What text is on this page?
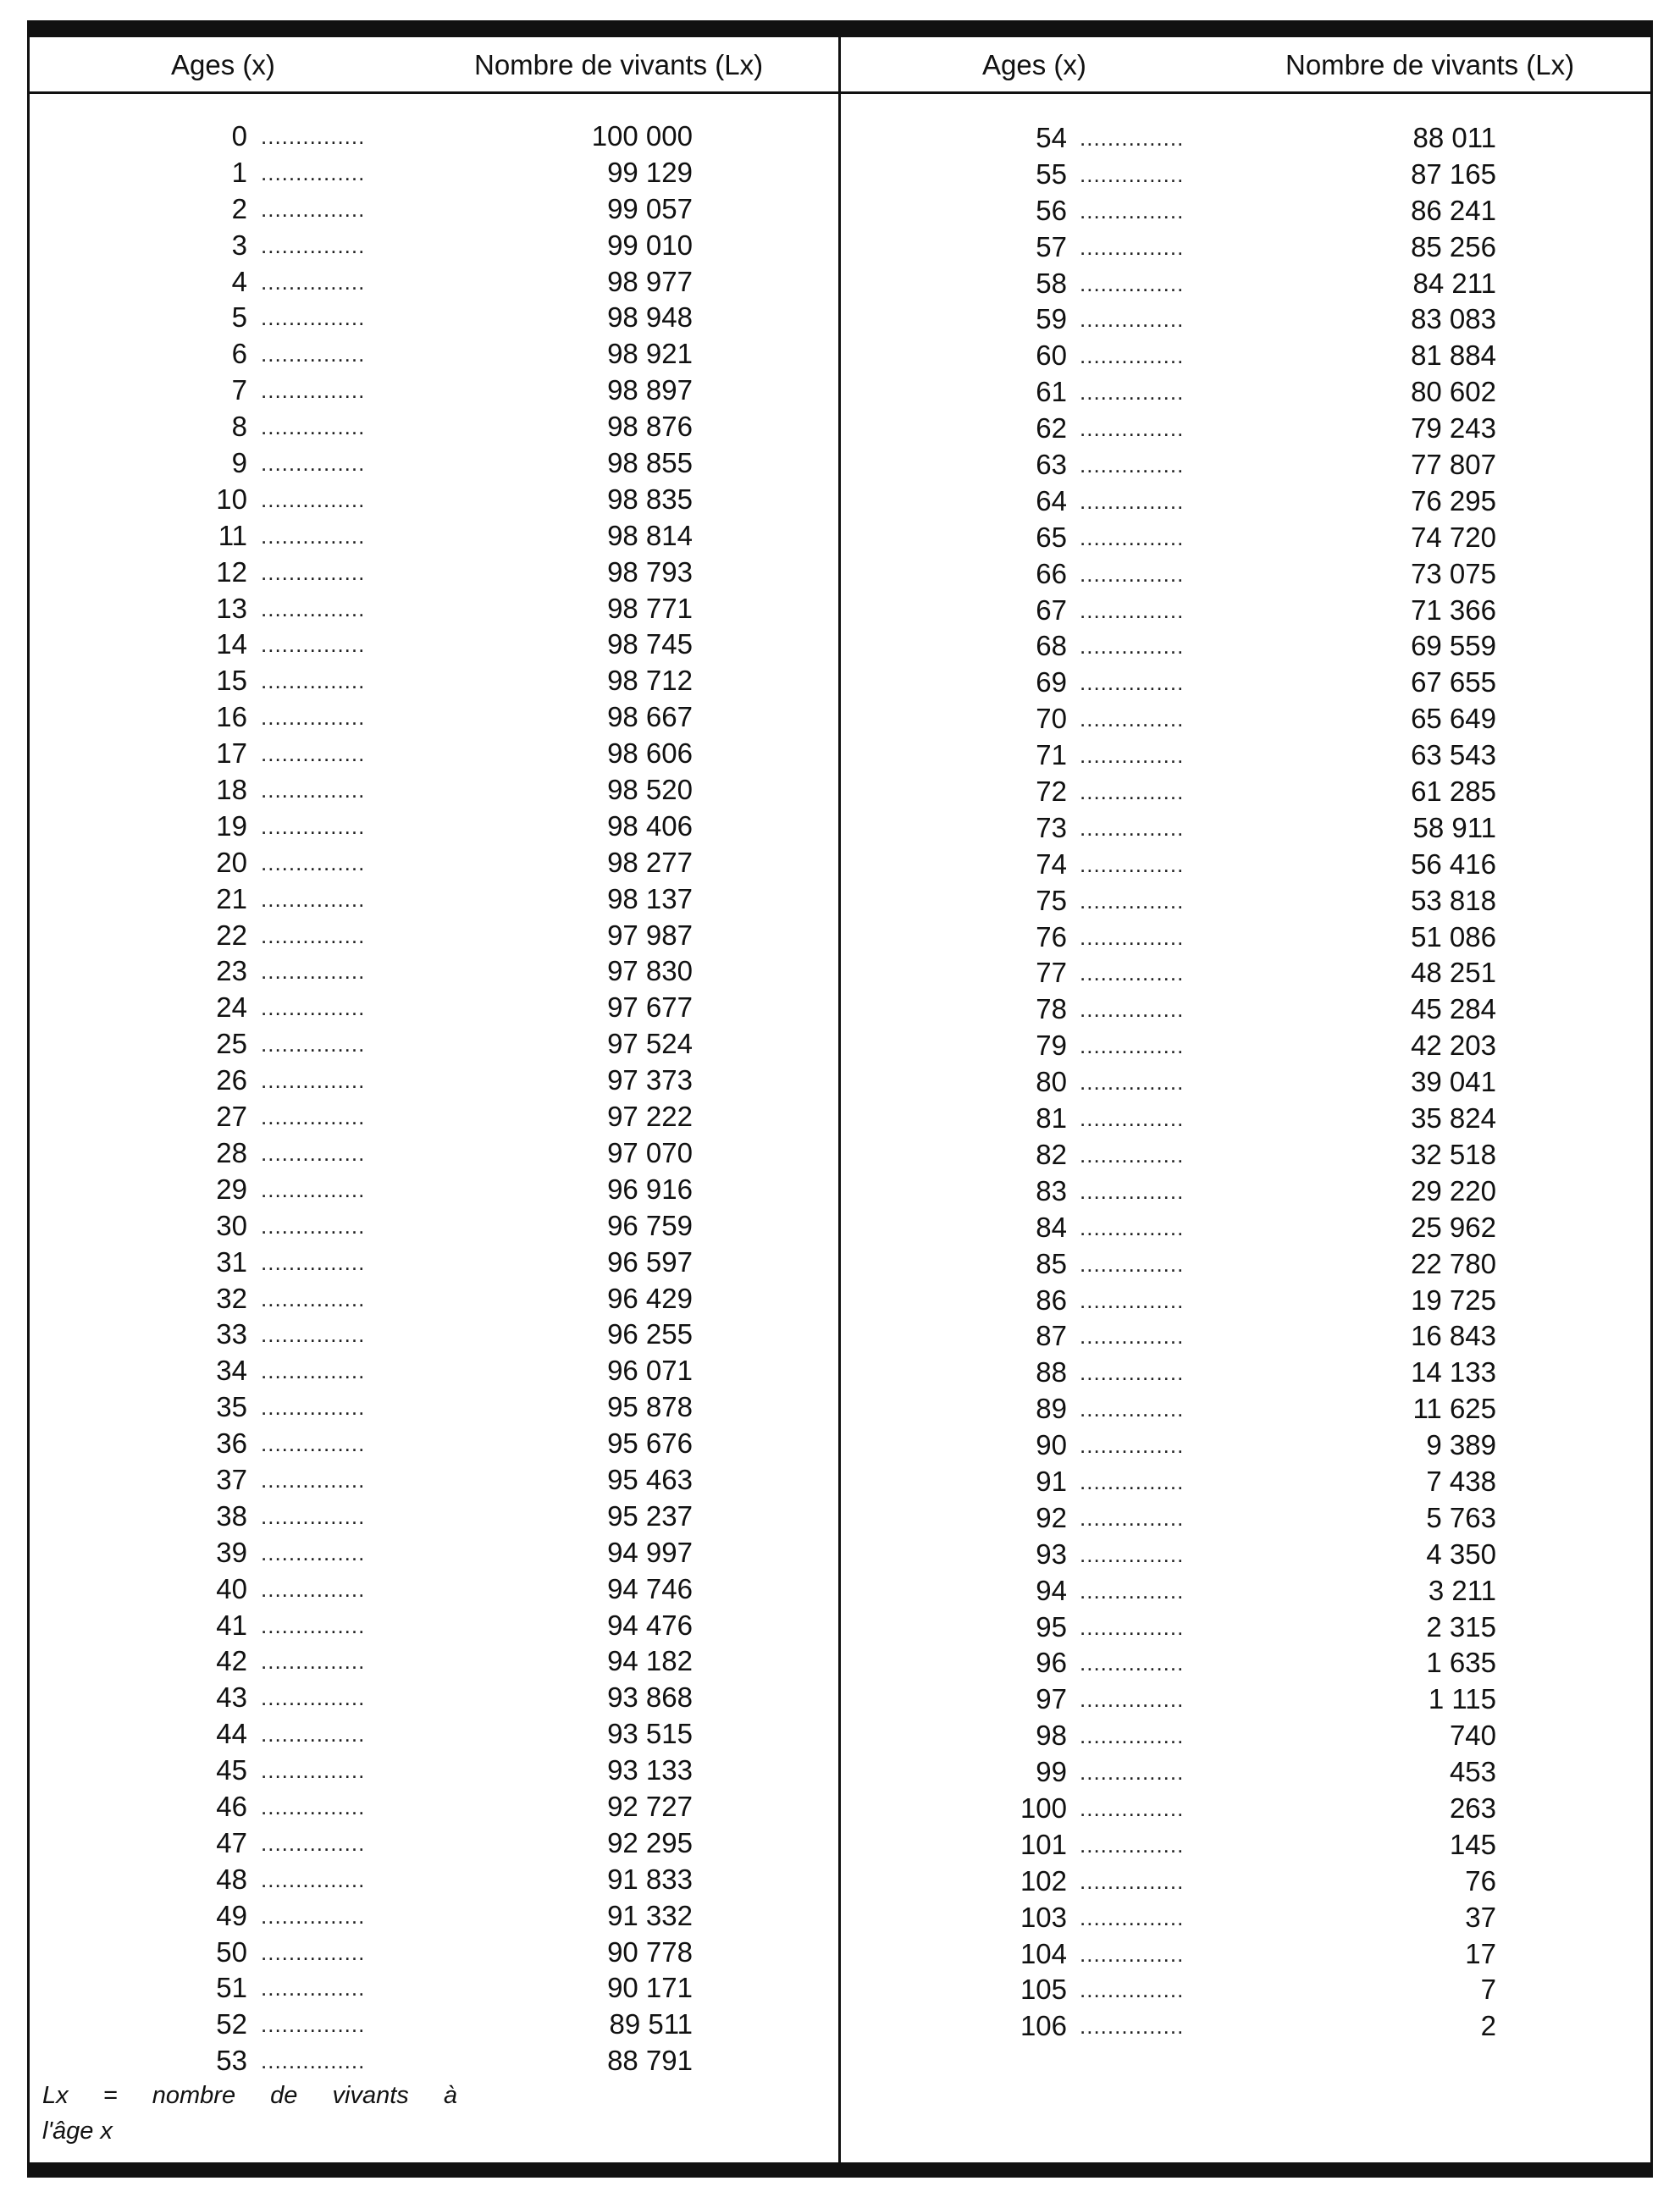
Ages (x)	Nombre de vivants (Lx)	Ages (x)	Nombre de vivants (Lx)
0 ...............	100 000
1 ...............	99 129
2 ...............	99 057
3 ...............	99 010
4 ...............	98 977
5 ...............	98 948
6 ...............	98 921
7 ...............	98 897
8 ...............	98 876
9 ...............	98 855
10 ...............	98 835
11 ...............	98 814
12 ...............	98 793
13 ...............	98 771
14 ...............	98 745
15 ...............	98 712
16 ...............	98 667
17 ...............	98 606
18 ...............	98 520
19 ...............	98 406
20 ...............	98 277
21 ...............	98 137
22 ...............	97 987
23 ...............	97 830
24 ...............	97 677
25 ...............	97 524
26 ...............	97 373
27 ...............	97 222
28 ...............	97 070
29 ...............	96 916
30 ...............	96 759
31 ...............	96 597
32 ...............	96 429
33 ...............	96 255
34 ...............	96 071
35 ...............	95 878
36 ...............	95 676
37 ...............	95 463
38 ...............	95 237
39 ...............	94 997
40 ...............	94 746
41 ...............	94 476
42 ...............	94 182
43 ...............	93 868
44 ...............	93 515
45 ...............	93 133
46 ...............	92 727
47 ...............	92 295
48 ...............	91 833
49 ...............	91 332
50 ...............	90 778
51 ...............	90 171
52 ...............	89 511
53 ...............	88 791
54 ...............	88 011
55 ...............	87 165
56 ...............	86 241
57 ...............	85 256
58 ...............	84 211
59 ...............	83 083
60 ...............	81 884
61 ...............	80 602
62 ...............	79 243
63 ...............	77 807
64 ...............	76 295
65 ...............	74 720
66 ...............	73 075
67 ...............	71 366
68 ...............	69 559
69 ...............	67 655
70 ...............	65 649
71 ...............	63 543
72 ...............	61 285
73 ...............	58 911
74 ...............	56 416
75 ...............	53 818
76 ...............	51 086
77 ...............	48 251
78 ...............	45 284
79 ...............	42 203
80 ...............	39 041
81 ...............	35 824
82 ...............	32 518
83 ...............	29 220
84 ...............	25 962
85 ...............	22 780
86 ...............	19 725
87 ...............	16 843
88 ...............	14 133
89 ...............	11 625
90 ...............	9 389
91 ...............	7 438
92 ...............	5 763
93 ...............	4 350
94 ...............	3 211
95 ...............	2 315
96 ...............	1 635
97 ...............	1 115
98 ...............	740
99 ...............	453
100 ...............	263
101 ...............	145
102 ...............	76
103 ...............	37
104 ...............	17
105 ...............	7
106 ...............	2
Lx = nombre de vivants à
l'âge x
